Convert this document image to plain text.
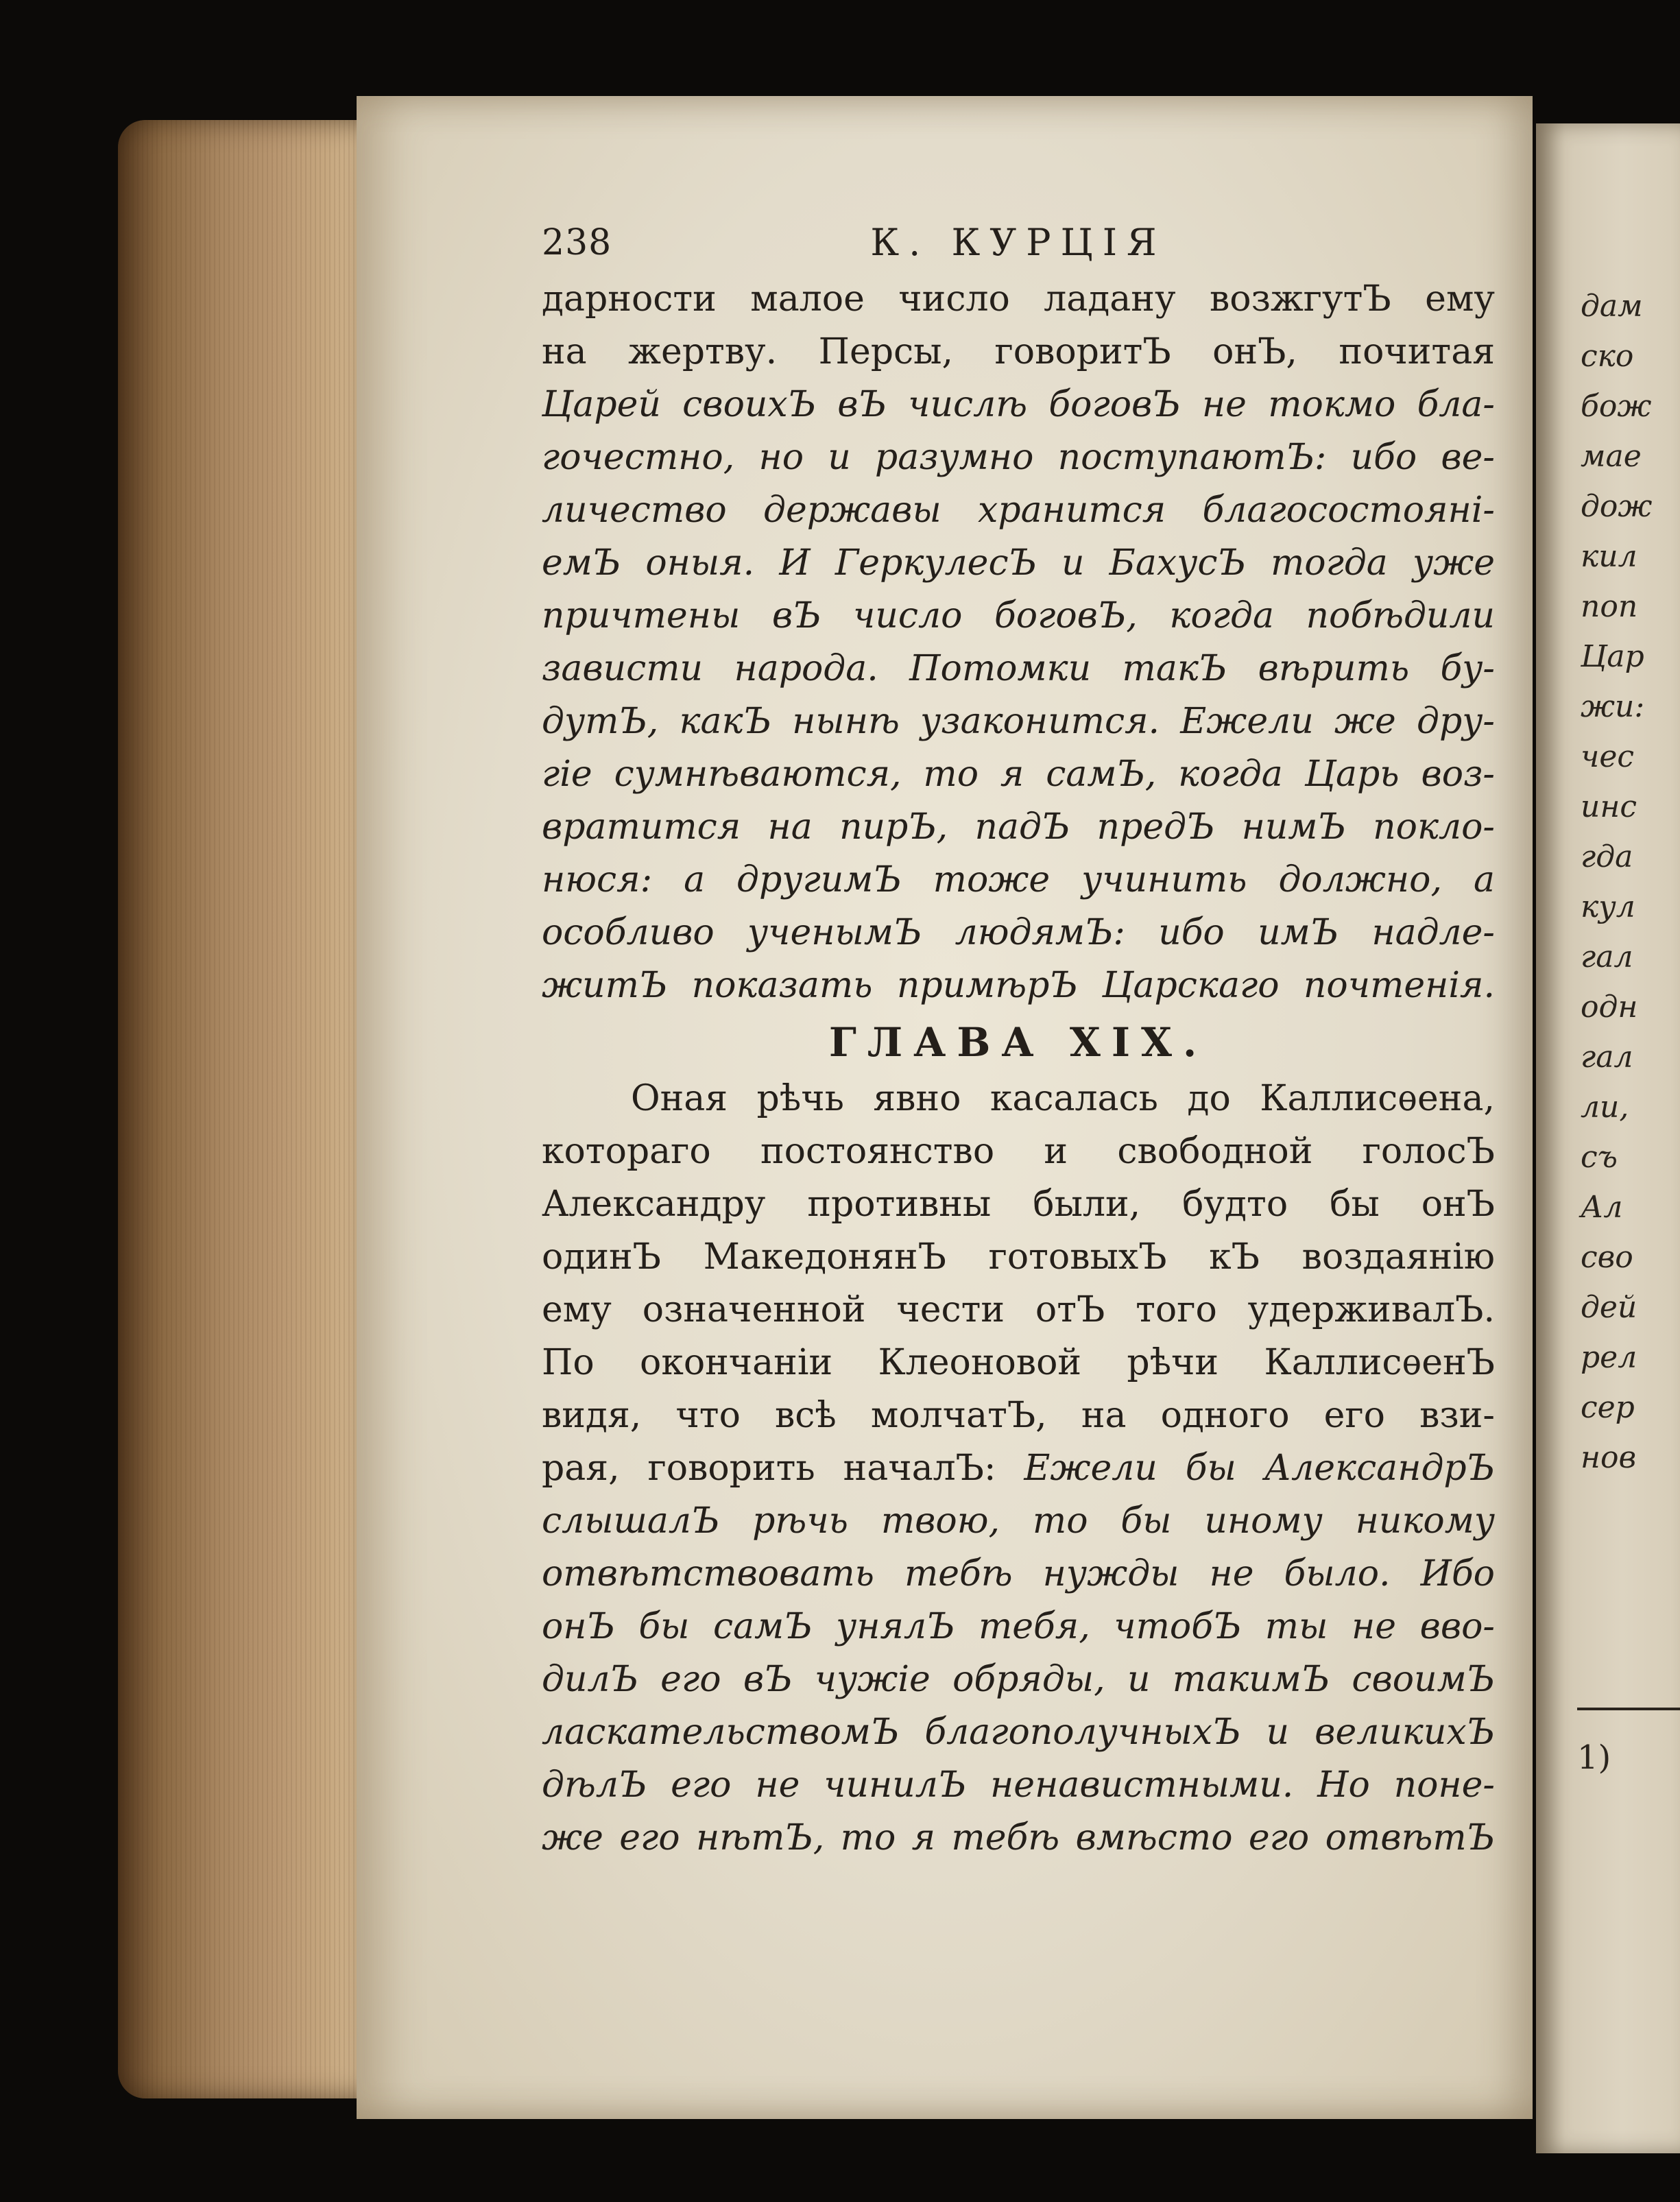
238	К. КУРЦІЯ
дарности малое число ладану возжгутЪ ему
на жертву. Персы, говоритЪ онЪ, почитая
Царей своихЪ вЪ числѣ боговЪ не токмо бла-
гочестно, но и разумно поступаютЪ: ибо ве-
личество державы хранится благосостоянi-
емЪ оныя. И ГеркулесЪ и БахусЪ тогда уже
причтены вЪ число боговЪ, когда побѣдили
зависти народа. Потомки такЪ вѣрить бу-
дутЪ, какЪ нынѣ узаконится. Ежели же дру-
гiе сумнѣваются, то я самЪ, когда Царь воз-
вратится на пирЪ, падЪ предЪ нимЪ покло-
нюся: а другимЪ тоже учинить должно, а
особливо ученымЪ людямЪ: ибо имЪ надле-
житЪ показать примѣрЪ Царскаго почтенiя.
ГЛАВА XIX.
Оная рѣчь явно касалась до Каллисѳена,
котораго постоянство и свободной голосЪ
Александру противны были, будто бы онЪ
одинЪ МакедонянЪ готовыхЪ кЪ воздаянiю
ему означенной чести отЪ того удерживалЪ.
По окончанiи Клеоновой рѣчи КаллисѳенЪ
видя, что всѣ молчатЪ, на одного его взи-
рая, говорить началЪ: Ежели бы АлександрЪ
слышалЪ рѣчь твою, то бы иному никому
отвѣтствовать тебѣ нужды не было. Ибо
онЪ бы самЪ унялЪ тебя, чтобЪ ты не вво-
дилЪ его вЪ чужiе обряды, и такимЪ своимЪ
ласкательствомЪ благополучныхЪ и великихЪ
дѣлЪ его не чинилЪ ненавистными. Но поне-
же его нѣтЪ, то я тебѣ вмѣсто его отвѣтЪ
дам
ско
бож
мае
дож
кил
поп
Цар
жи:
чес
инс
гда
кул
гал
одн
гал
ли,
съ
Ал
сво
дей
рел
сер
нов
1)
